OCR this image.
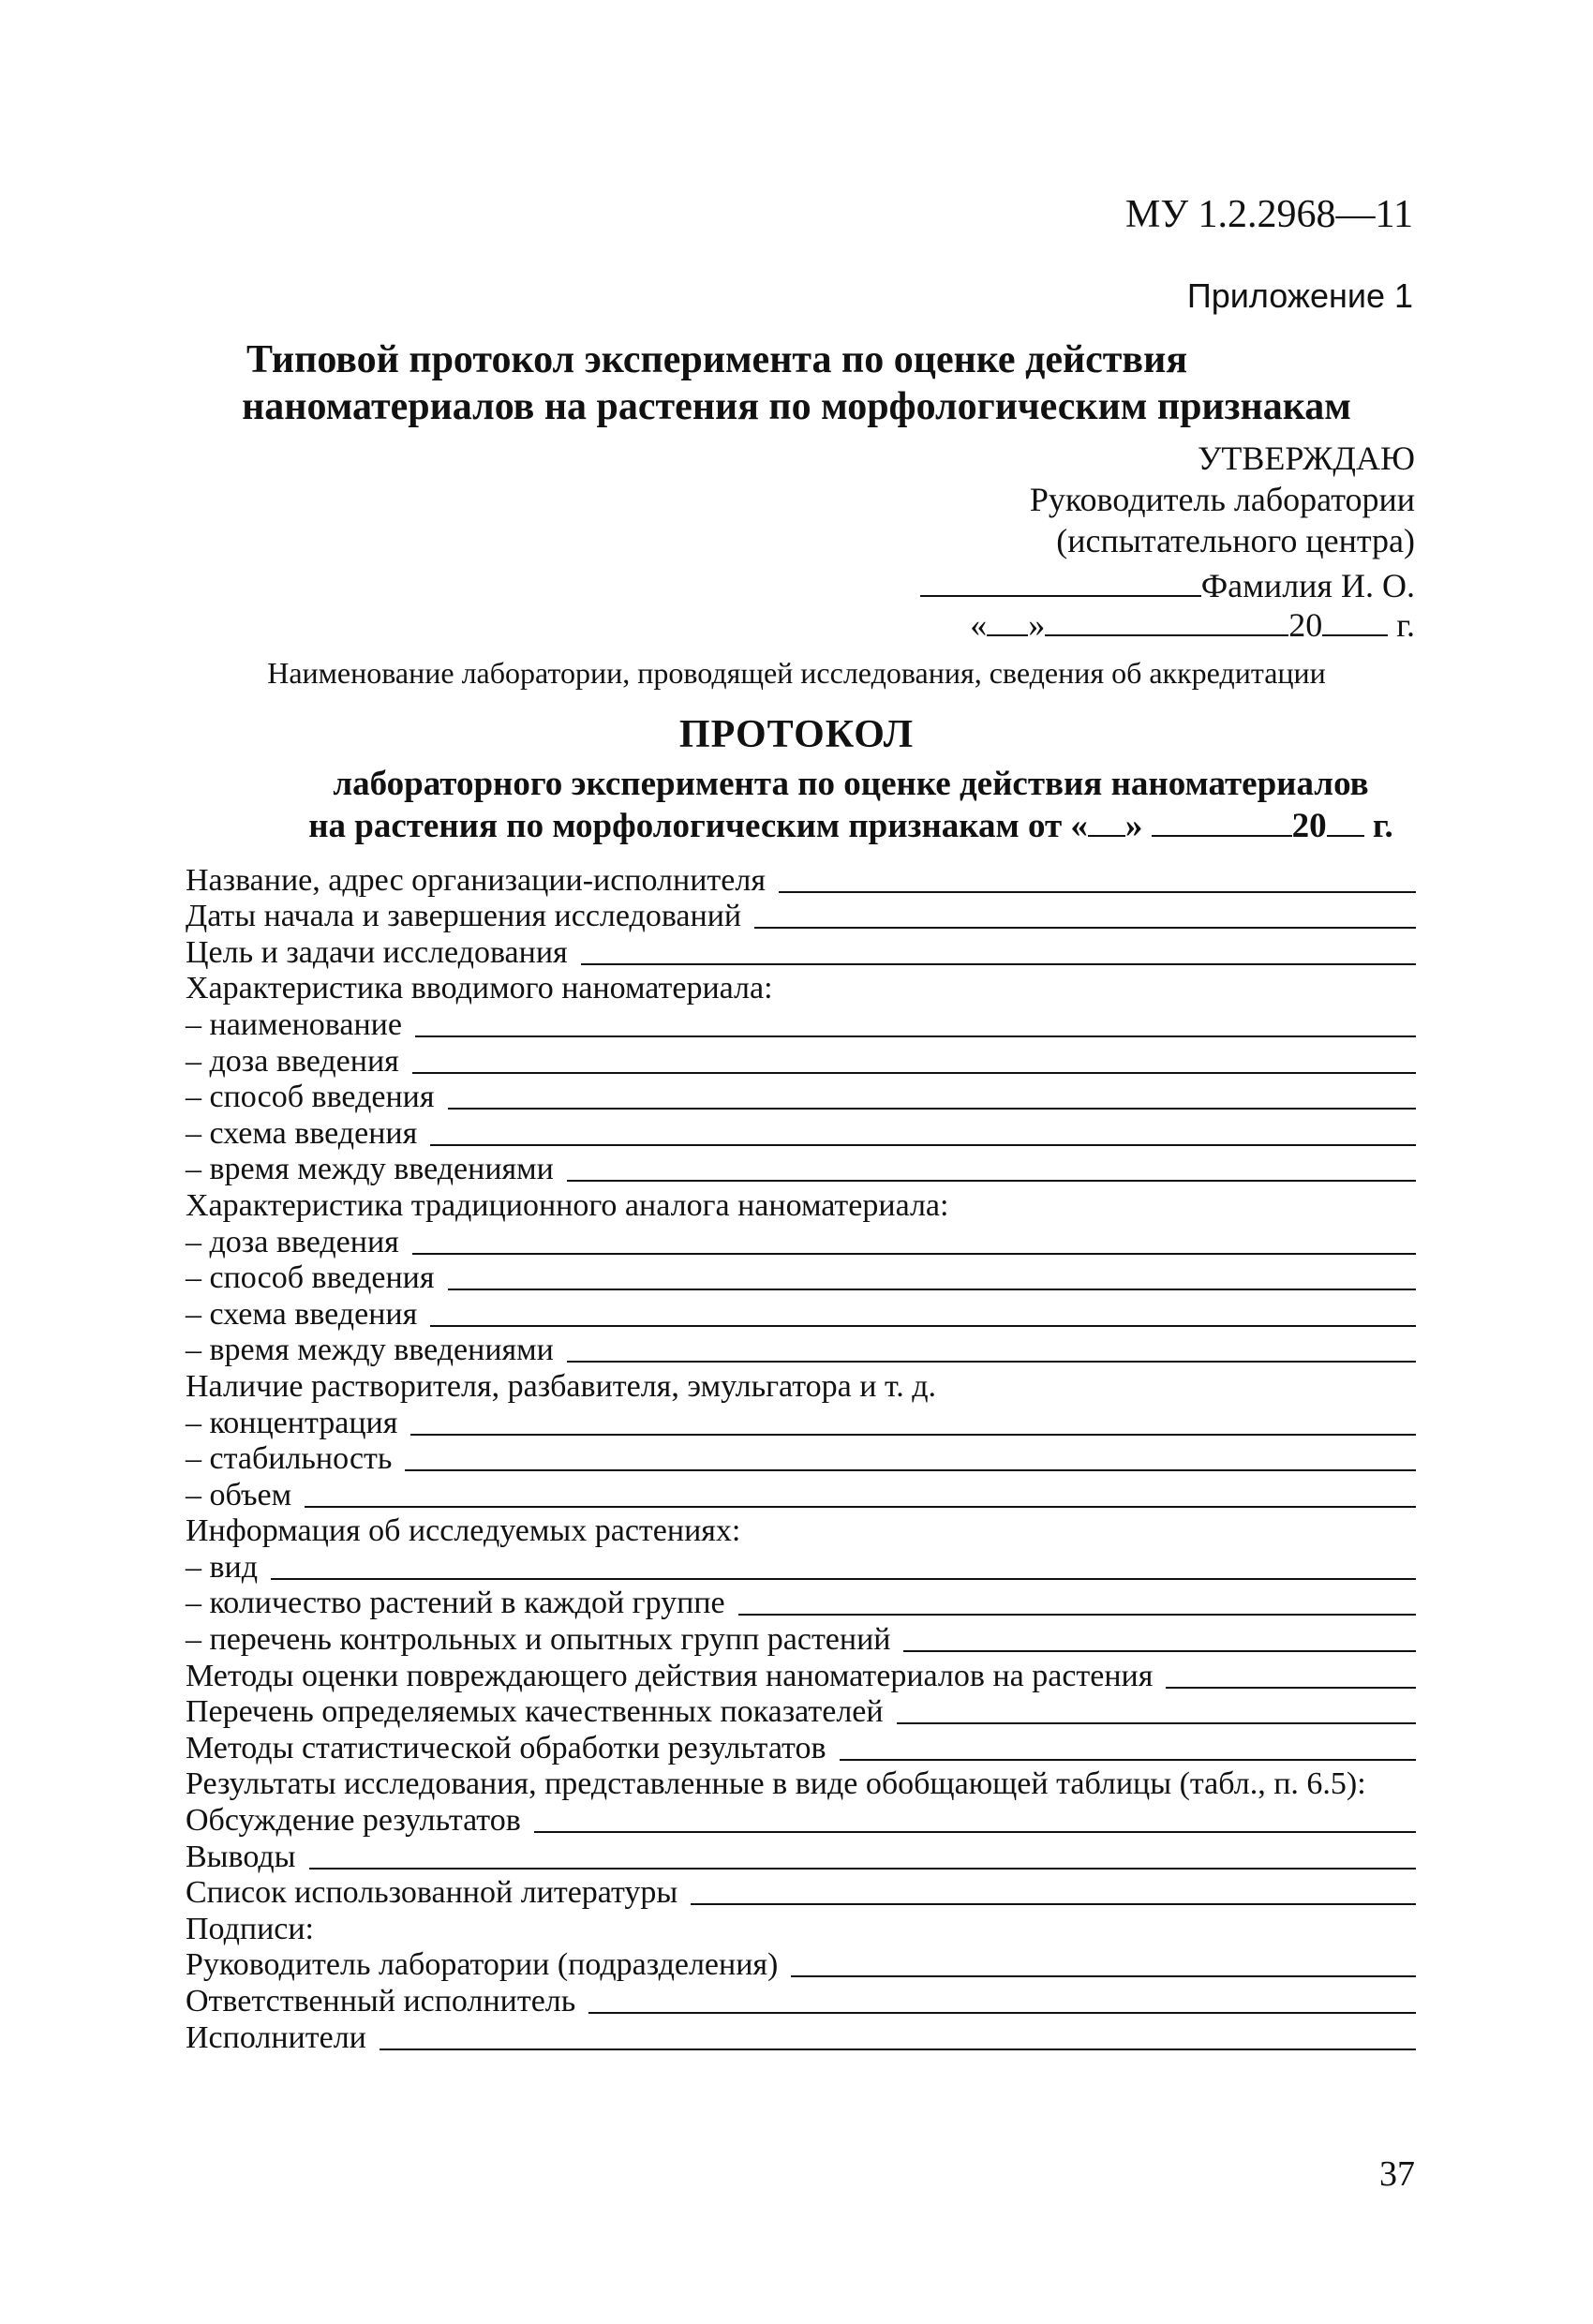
МУ 1.2.2968—11
Приложение 1
Типовой протокол эксперимента по оценке действия
наноматериалов на растения по морфологическим признакам
УТВЕРЖДАЮ
Руководитель лаборатории
(испытательного центра)
Фамилия И. О.
« »	20 г.
Наименование лаборатории, проводящей исследования, сведения об аккредитации
ПРОТОКОЛ
лабораторного эксперимента по оценке действия наноматериалов
на растения по морфологическим признакам от « »	20 г.
Название, адрес организации-исполнителя
Даты начала и завершения исследований
Цель и задачи исследования
Характеристика вводимого наноматериала:
– наименование
– доза введения
– способ введения
– схема введения
– время между введениями
Характеристика традиционного аналога наноматериала:
– доза введения
– способ введения
– схема введения
– время между введениями
Наличие растворителя, разбавителя, эмульгатора и т. д.
– концентрация
– стабильность
– объем
Информация об исследуемых растениях:
– вид
– количество растений в каждой группе
– перечень контрольных и опытных групп растений
Методы оценки повреждающего действия наноматериалов на растения
Перечень определяемых качественных показателей
Методы статистической обработки результатов
Результаты исследования, представленные в виде обобщающей таблицы (табл., п. 6.5):
Обсуждение результатов
Выводы
Список использованной литературы
Подписи:
Руководитель лаборатории (подразделения)
Ответственный исполнитель
Исполнители
37
